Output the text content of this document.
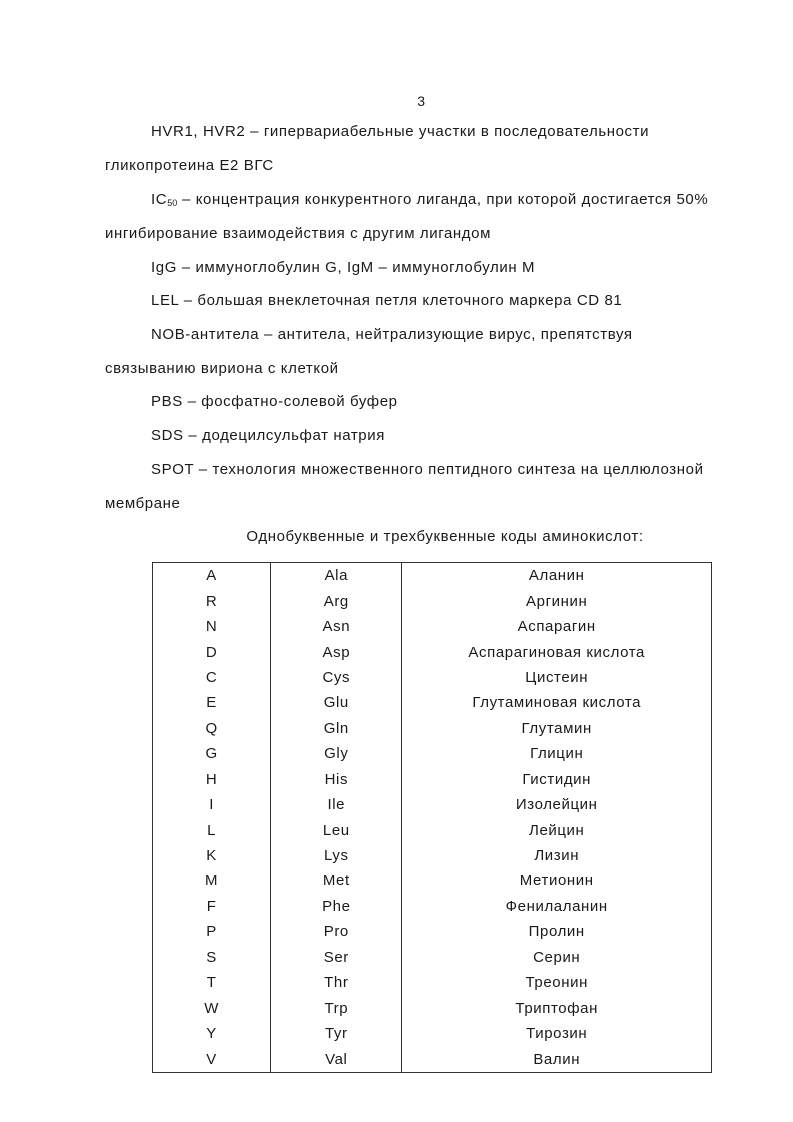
3
HVR1, HVR2 – гипервариабельные участки в последовательности
гликопротеина Е2 ВГС
$IC_{50}$ – концентрация конкурентного лиганда, при которой достигается 50%
ингибирование взаимодействия с другим лигандом
IgG – иммуноглобулин G, IgM – иммуноглобулин M
LEL – большая внеклеточная петля клеточного маркера CD 81
NOB-антитела – антитела, нейтрализующие вирус, препятствуя
связыванию вириона с клеткой
PBS – фосфатно-солевой буфер
SDS – додецилсульфат натрия
SPOT – технология множественного пептидного синтеза на целлюлозной
мембране
Однобуквенные и трехбуквенные коды аминокислот:
A	Ala	Аланин
R	Arg	Аргинин
N	Asn	Аспарагин
D	Asp	Аспарагиновая кислота
C	Cys	Цистеин
E	Glu	Глутаминовая кислота
Q	Gln	Глутамин
G	Gly	Глицин
H	His	Гистидин
I	Ile	Изолейцин
L	Leu	Лейцин
K	Lys	Лизин
M	Met	Метионин
F	Phe	Фенилаланин
P	Pro	Пролин
S	Ser	Серин
T	Thr	Треонин
W	Trp	Триптофан
Y	Tyr	Тирозин
V	Val	Валин
